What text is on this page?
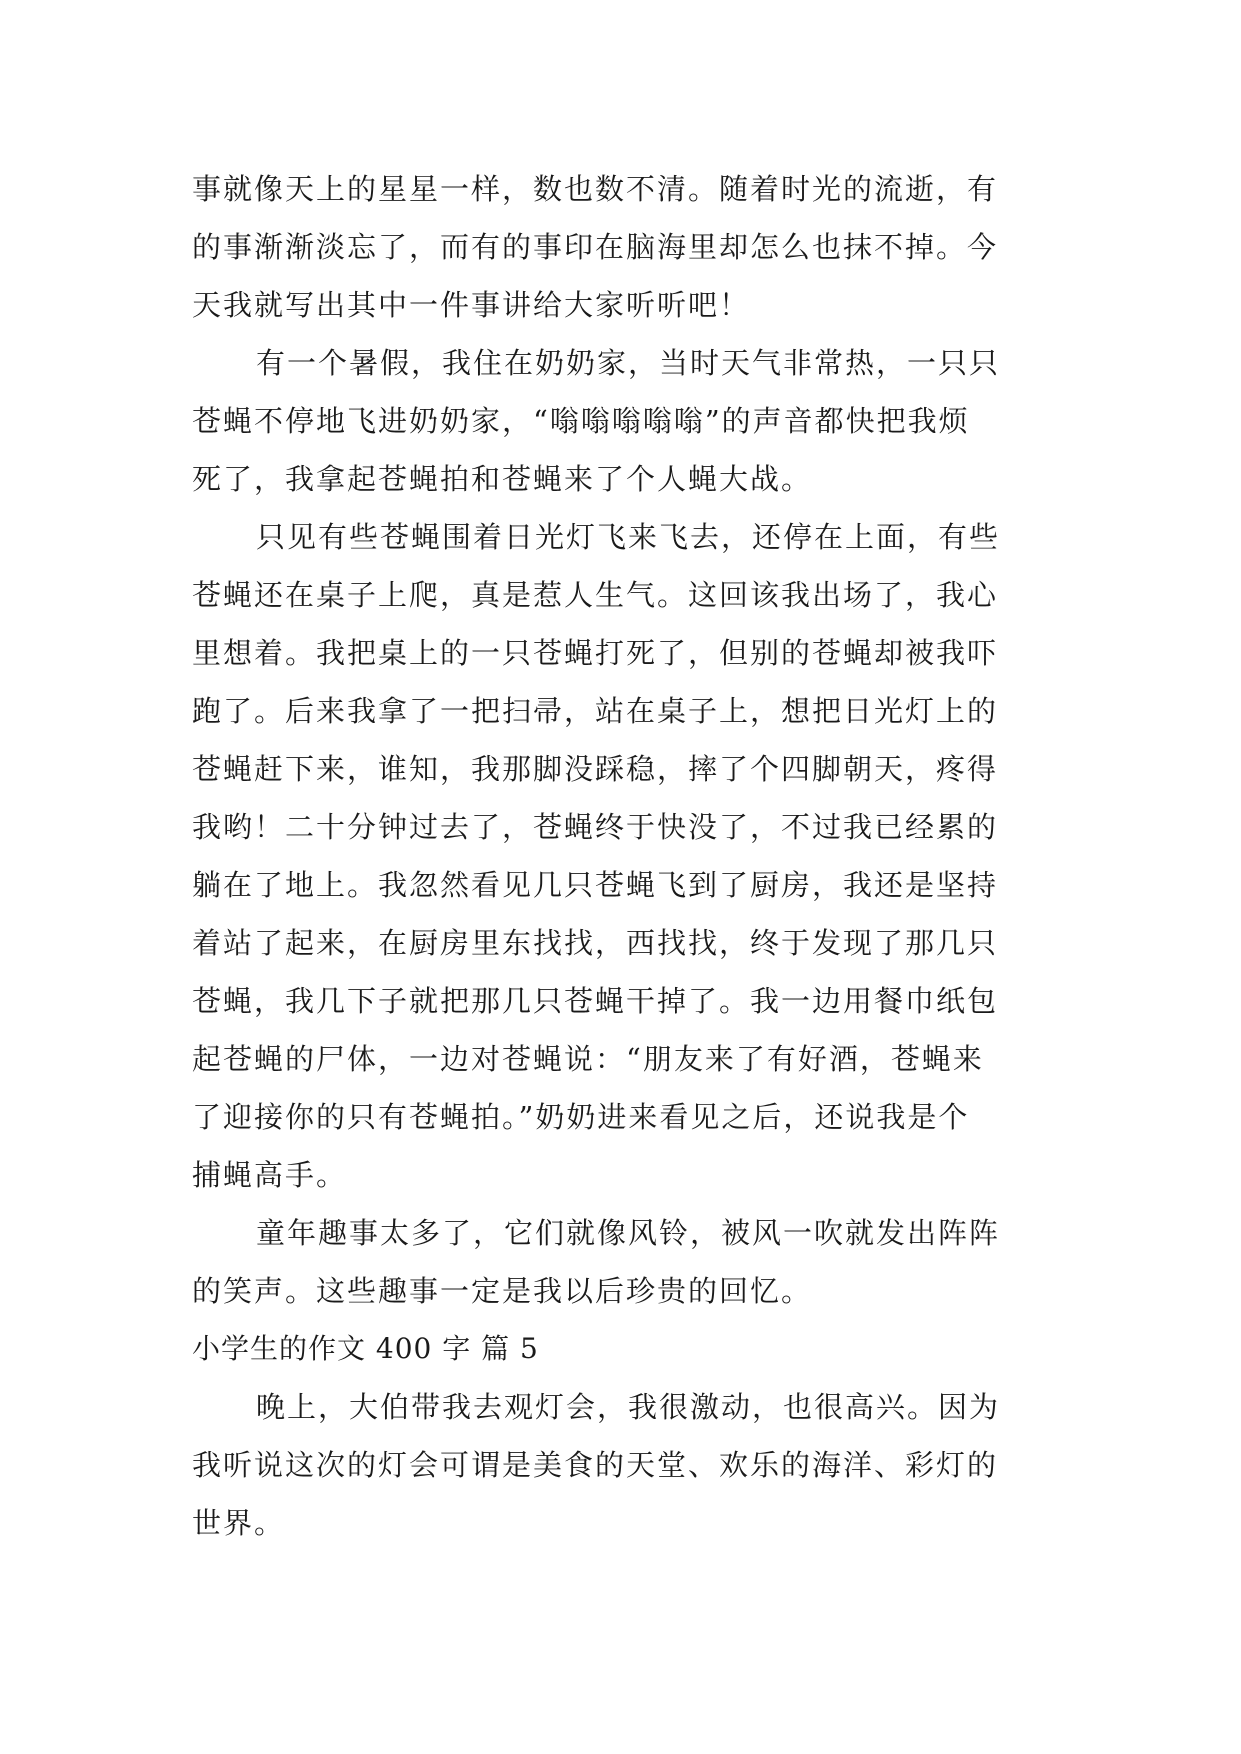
事就像天上的星星一样，数也数不清。随着时光的流逝，有
的事渐渐淡忘了，而有的事印在脑海里却怎么也抹不掉。今
天我就写出其中一件事讲给大家听听吧！
有一个暑假，我住在奶奶家，当时天气非常热，一只只
苍蝇不停地飞进奶奶家，“嗡嗡嗡嗡嗡”的声音都快把我烦
死了，我拿起苍蝇拍和苍蝇来了个人蝇大战。
只见有些苍蝇围着日光灯飞来飞去，还停在上面，有些
苍蝇还在桌子上爬，真是惹人生气。这回该我出场了，我心
里想着。我把桌上的一只苍蝇打死了，但别的苍蝇却被我吓
跑了。后来我拿了一把扫帚，站在桌子上，想把日光灯上的
苍蝇赶下来，谁知，我那脚没踩稳，摔了个四脚朝天，疼得
我哟！二十分钟过去了，苍蝇终于快没了，不过我已经累的
躺在了地上。我忽然看见几只苍蝇飞到了厨房，我还是坚持
着站了起来，在厨房里东找找，西找找，终于发现了那几只
苍蝇，我几下子就把那几只苍蝇干掉了。我一边用餐巾纸包
起苍蝇的尸体，一边对苍蝇说：“朋友来了有好酒，苍蝇来
了迎接你的只有苍蝇拍。”奶奶进来看见之后，还说我是个
捕蝇高手。
童年趣事太多了，它们就像风铃，被风一吹就发出阵阵
的笑声。这些趣事一定是我以后珍贵的回忆。
小学生的作文 400 字 篇 5
晚上，大伯带我去观灯会，我很激动，也很高兴。因为
我听说这次的灯会可谓是美食的天堂、欢乐的海洋、彩灯的
世界。
